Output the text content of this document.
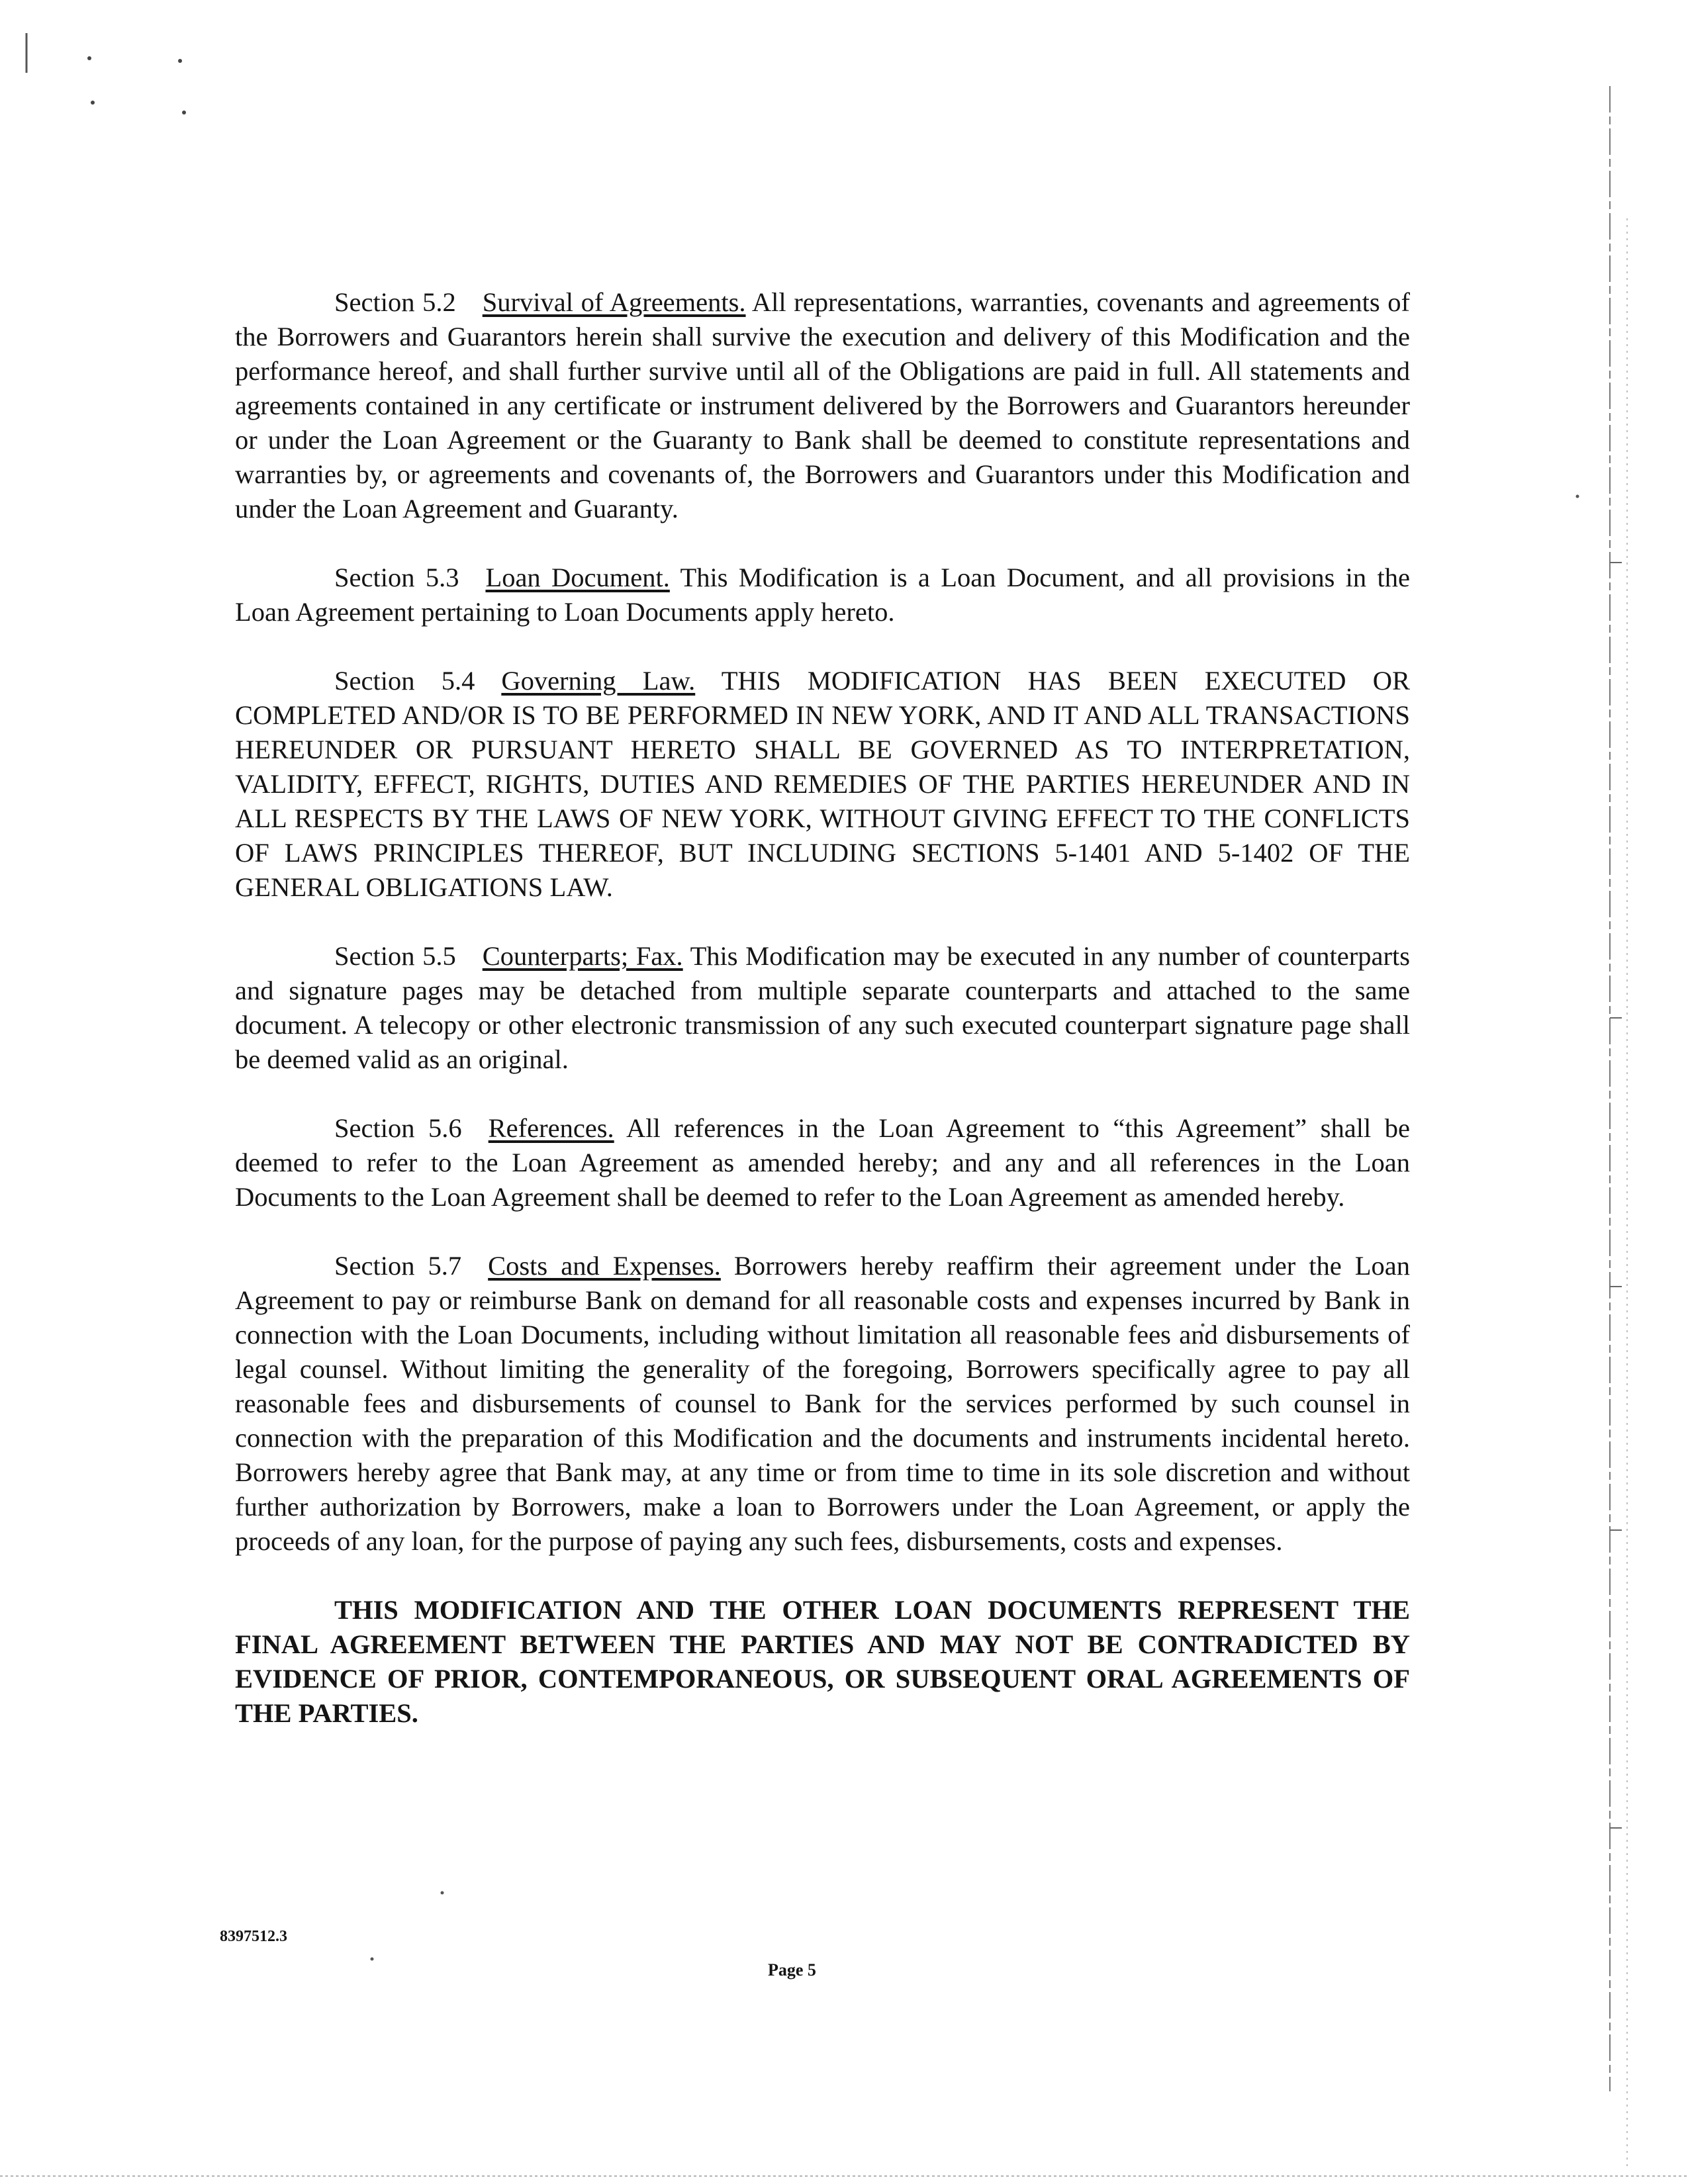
Section 5.2 Survival of Agreements. All representations, warranties, covenants and agreements of the Borrowers and Guarantors herein shall survive the execution and delivery of this Modification and the performance hereof, and shall further survive until all of the Obligations are paid in full. All statements and agreements contained in any certificate or instrument delivered by the Borrowers and Guarantors hereunder or under the Loan Agreement or the Guaranty to Bank shall be deemed to constitute representations and warranties by, or agreements and covenants of, the Borrowers and Guarantors under this Modification and under the Loan Agreement and Guaranty.

Section 5.3 Loan Document. This Modification is a Loan Document, and all provisions in the Loan Agreement pertaining to Loan Documents apply hereto.

Section 5.4 Governing Law. THIS MODIFICATION HAS BEEN EXECUTED OR COMPLETED AND/OR IS TO BE PERFORMED IN NEW YORK, AND IT AND ALL TRANSACTIONS HEREUNDER OR PURSUANT HERETO SHALL BE GOVERNED AS TO INTERPRETATION, VALIDITY, EFFECT, RIGHTS, DUTIES AND REMEDIES OF THE PARTIES HEREUNDER AND IN ALL RESPECTS BY THE LAWS OF NEW YORK, WITHOUT GIVING EFFECT TO THE CONFLICTS OF LAWS PRINCIPLES THEREOF, BUT INCLUDING SECTIONS 5-1401 AND 5-1402 OF THE GENERAL OBLIGATIONS LAW.

Section 5.5 Counterparts; Fax. This Modification may be executed in any number of counterparts and signature pages may be detached from multiple separate counterparts and attached to the same document. A telecopy or other electronic transmission of any such executed counterpart signature page shall be deemed valid as an original.

Section 5.6 References. All references in the Loan Agreement to “this Agreement” shall be deemed to refer to the Loan Agreement as amended hereby; and any and all references in the Loan Documents to the Loan Agreement shall be deemed to refer to the Loan Agreement as amended hereby.

Section 5.7 Costs and Expenses. Borrowers hereby reaffirm their agreement under the Loan Agreement to pay or reimburse Bank on demand for all reasonable costs and expenses incurred by Bank in connection with the Loan Documents, including without limitation all reasonable fees and disbursements of legal counsel. Without limiting the generality of the foregoing, Borrowers specifically agree to pay all reasonable fees and disbursements of counsel to Bank for the services performed by such counsel in connection with the preparation of this Modification and the documents and instruments incidental hereto. Borrowers hereby agree that Bank may, at any time or from time to time in its sole discretion and without further authorization by Borrowers, make a loan to Borrowers under the Loan Agreement, or apply the proceeds of any loan, for the purpose of paying any such fees, disbursements, costs and expenses.

THIS MODIFICATION AND THE OTHER LOAN DOCUMENTS REPRESENT THE FINAL AGREEMENT BETWEEN THE PARTIES AND MAY NOT BE CONTRADICTED BY EVIDENCE OF PRIOR, CONTEMPORANEOUS, OR SUBSEQUENT ORAL AGREEMENTS OF THE PARTIES.

8397512.3
Page 5
